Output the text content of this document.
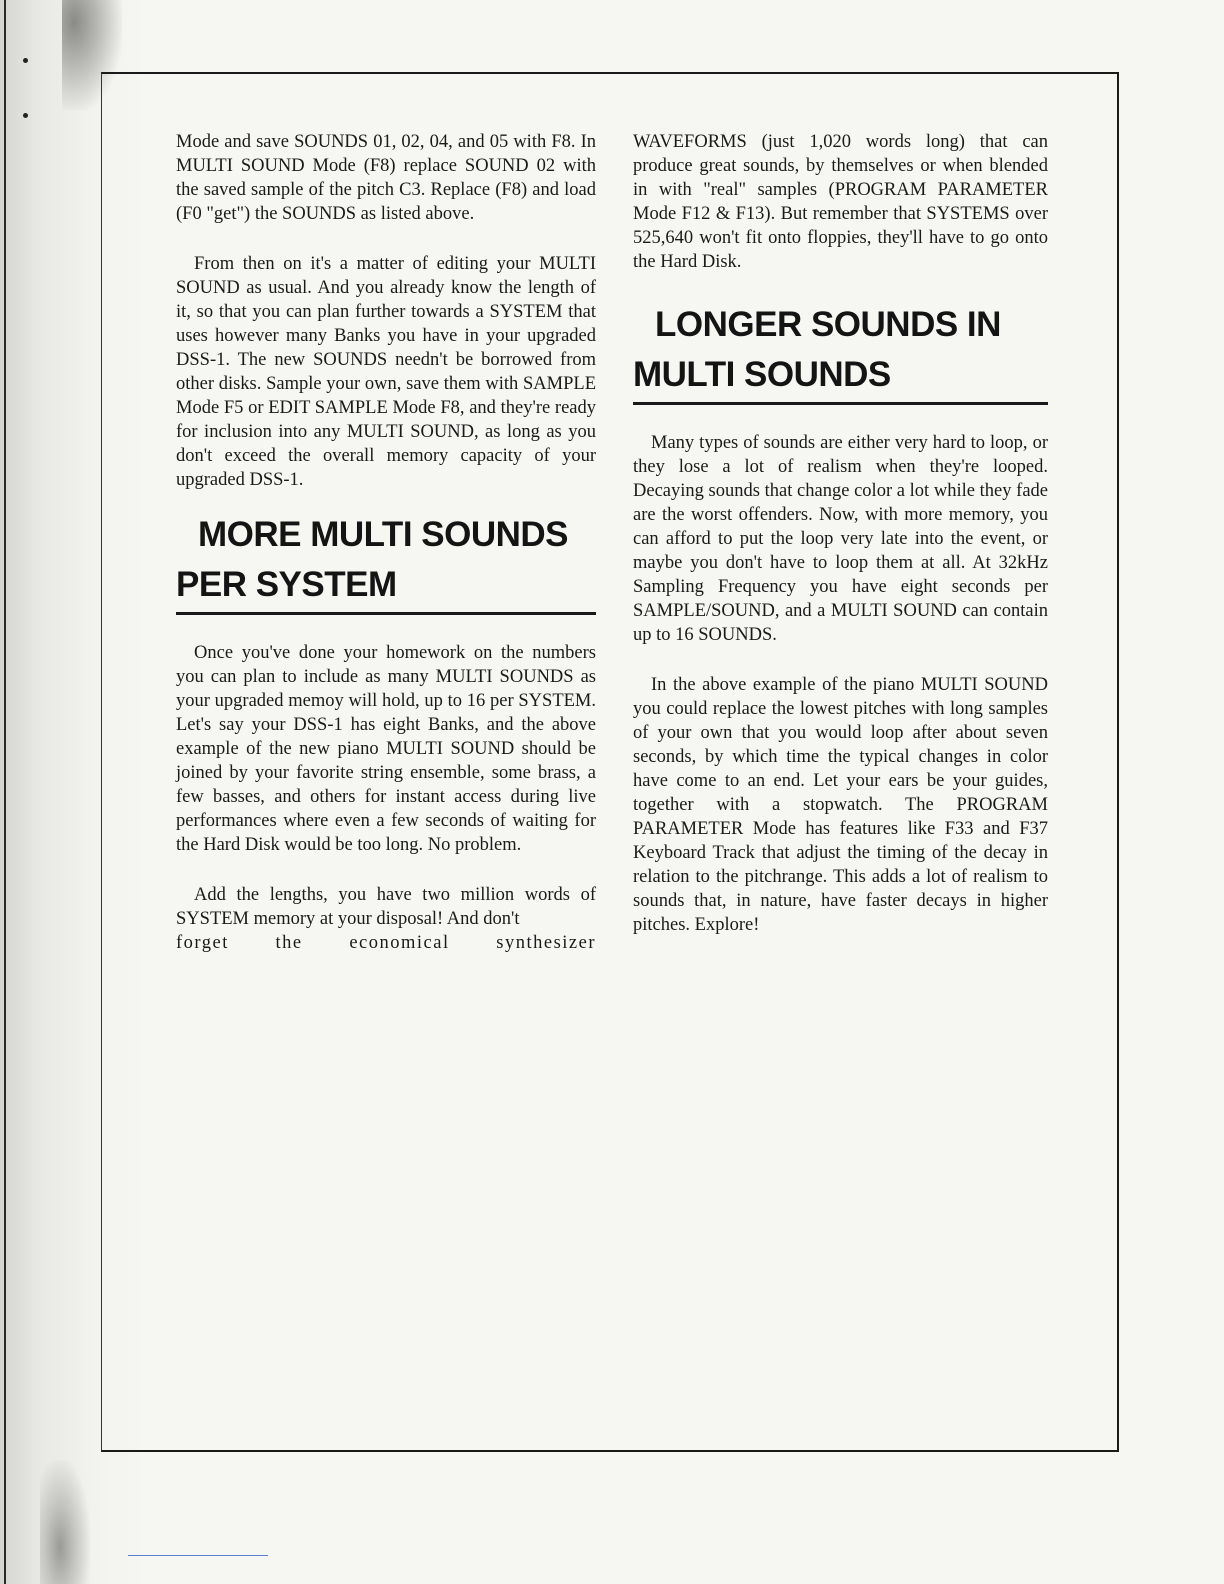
Mode and save SOUNDS 01, 02, 04, and 05 with F8. In MULTI SOUND Mode (F8) replace SOUND 02 with the saved sample of the pitch C3. Replace (F8) and load (F0 "get") the SOUNDS as listed above.

From then on it's a matter of editing your MULTI SOUND as usual. And you already know the length of it, so that you can plan further towards a SYSTEM that uses however many Banks you have in your upgraded DSS-1. The new SOUNDS needn't be borrowed from other disks. Sample your own, save them with SAMPLE Mode F5 or EDIT SAMPLE Mode F8, and they're ready for inclusion into any MULTI SOUND, as long as you don't exceed the overall memory capacity of your upgraded DSS-1.

MORE MULTI SOUNDS
PER SYSTEM

Once you've done your homework on the numbers you can plan to include as many MULTI SOUNDS as your upgraded memoy will hold, up to 16 per SYSTEM. Let's say your DSS-1 has eight Banks, and the above example of the new piano MULTI SOUND should be joined by your favorite string ensemble, some brass, a few basses, and others for instant access during live performances where even a few seconds of waiting for the Hard Disk would be too long. No problem.

Add the lengths, you have two million words of SYSTEM memory at your disposal! And don't

forget the economical synthesizer

WAVEFORMS (just 1,020 words long) that can produce great sounds, by themselves or when blended in with "real" samples (PROGRAM PARAMETER Mode F12 & F13). But remember that SYSTEMS over 525,640 won't fit onto floppies, they'll have to go onto the Hard Disk.

LONGER SOUNDS IN
MULTI SOUNDS

Many types of sounds are either very hard to loop, or they lose a lot of realism when they're looped. Decaying sounds that change color a lot while they fade are the worst offenders. Now, with more memory, you can afford to put the loop very late into the event, or maybe you don't have to loop them at all. At 32kHz Sampling Frequency you have eight seconds per SAMPLE/SOUND, and a MULTI SOUND can contain up to 16 SOUNDS.

In the above example of the piano MULTI SOUND you could replace the lowest pitches with long samples of your own that you would loop after about seven seconds, by which time the typical changes in color have come to an end. Let your ears be your guides, together with a stopwatch. The PROGRAM PARAMETER Mode has features like F33 and F37 Keyboard Track that adjust the timing of the decay in relation to the pitchrange. This adds a lot of realism to sounds that, in nature, have faster decays in higher pitches. Explore!
